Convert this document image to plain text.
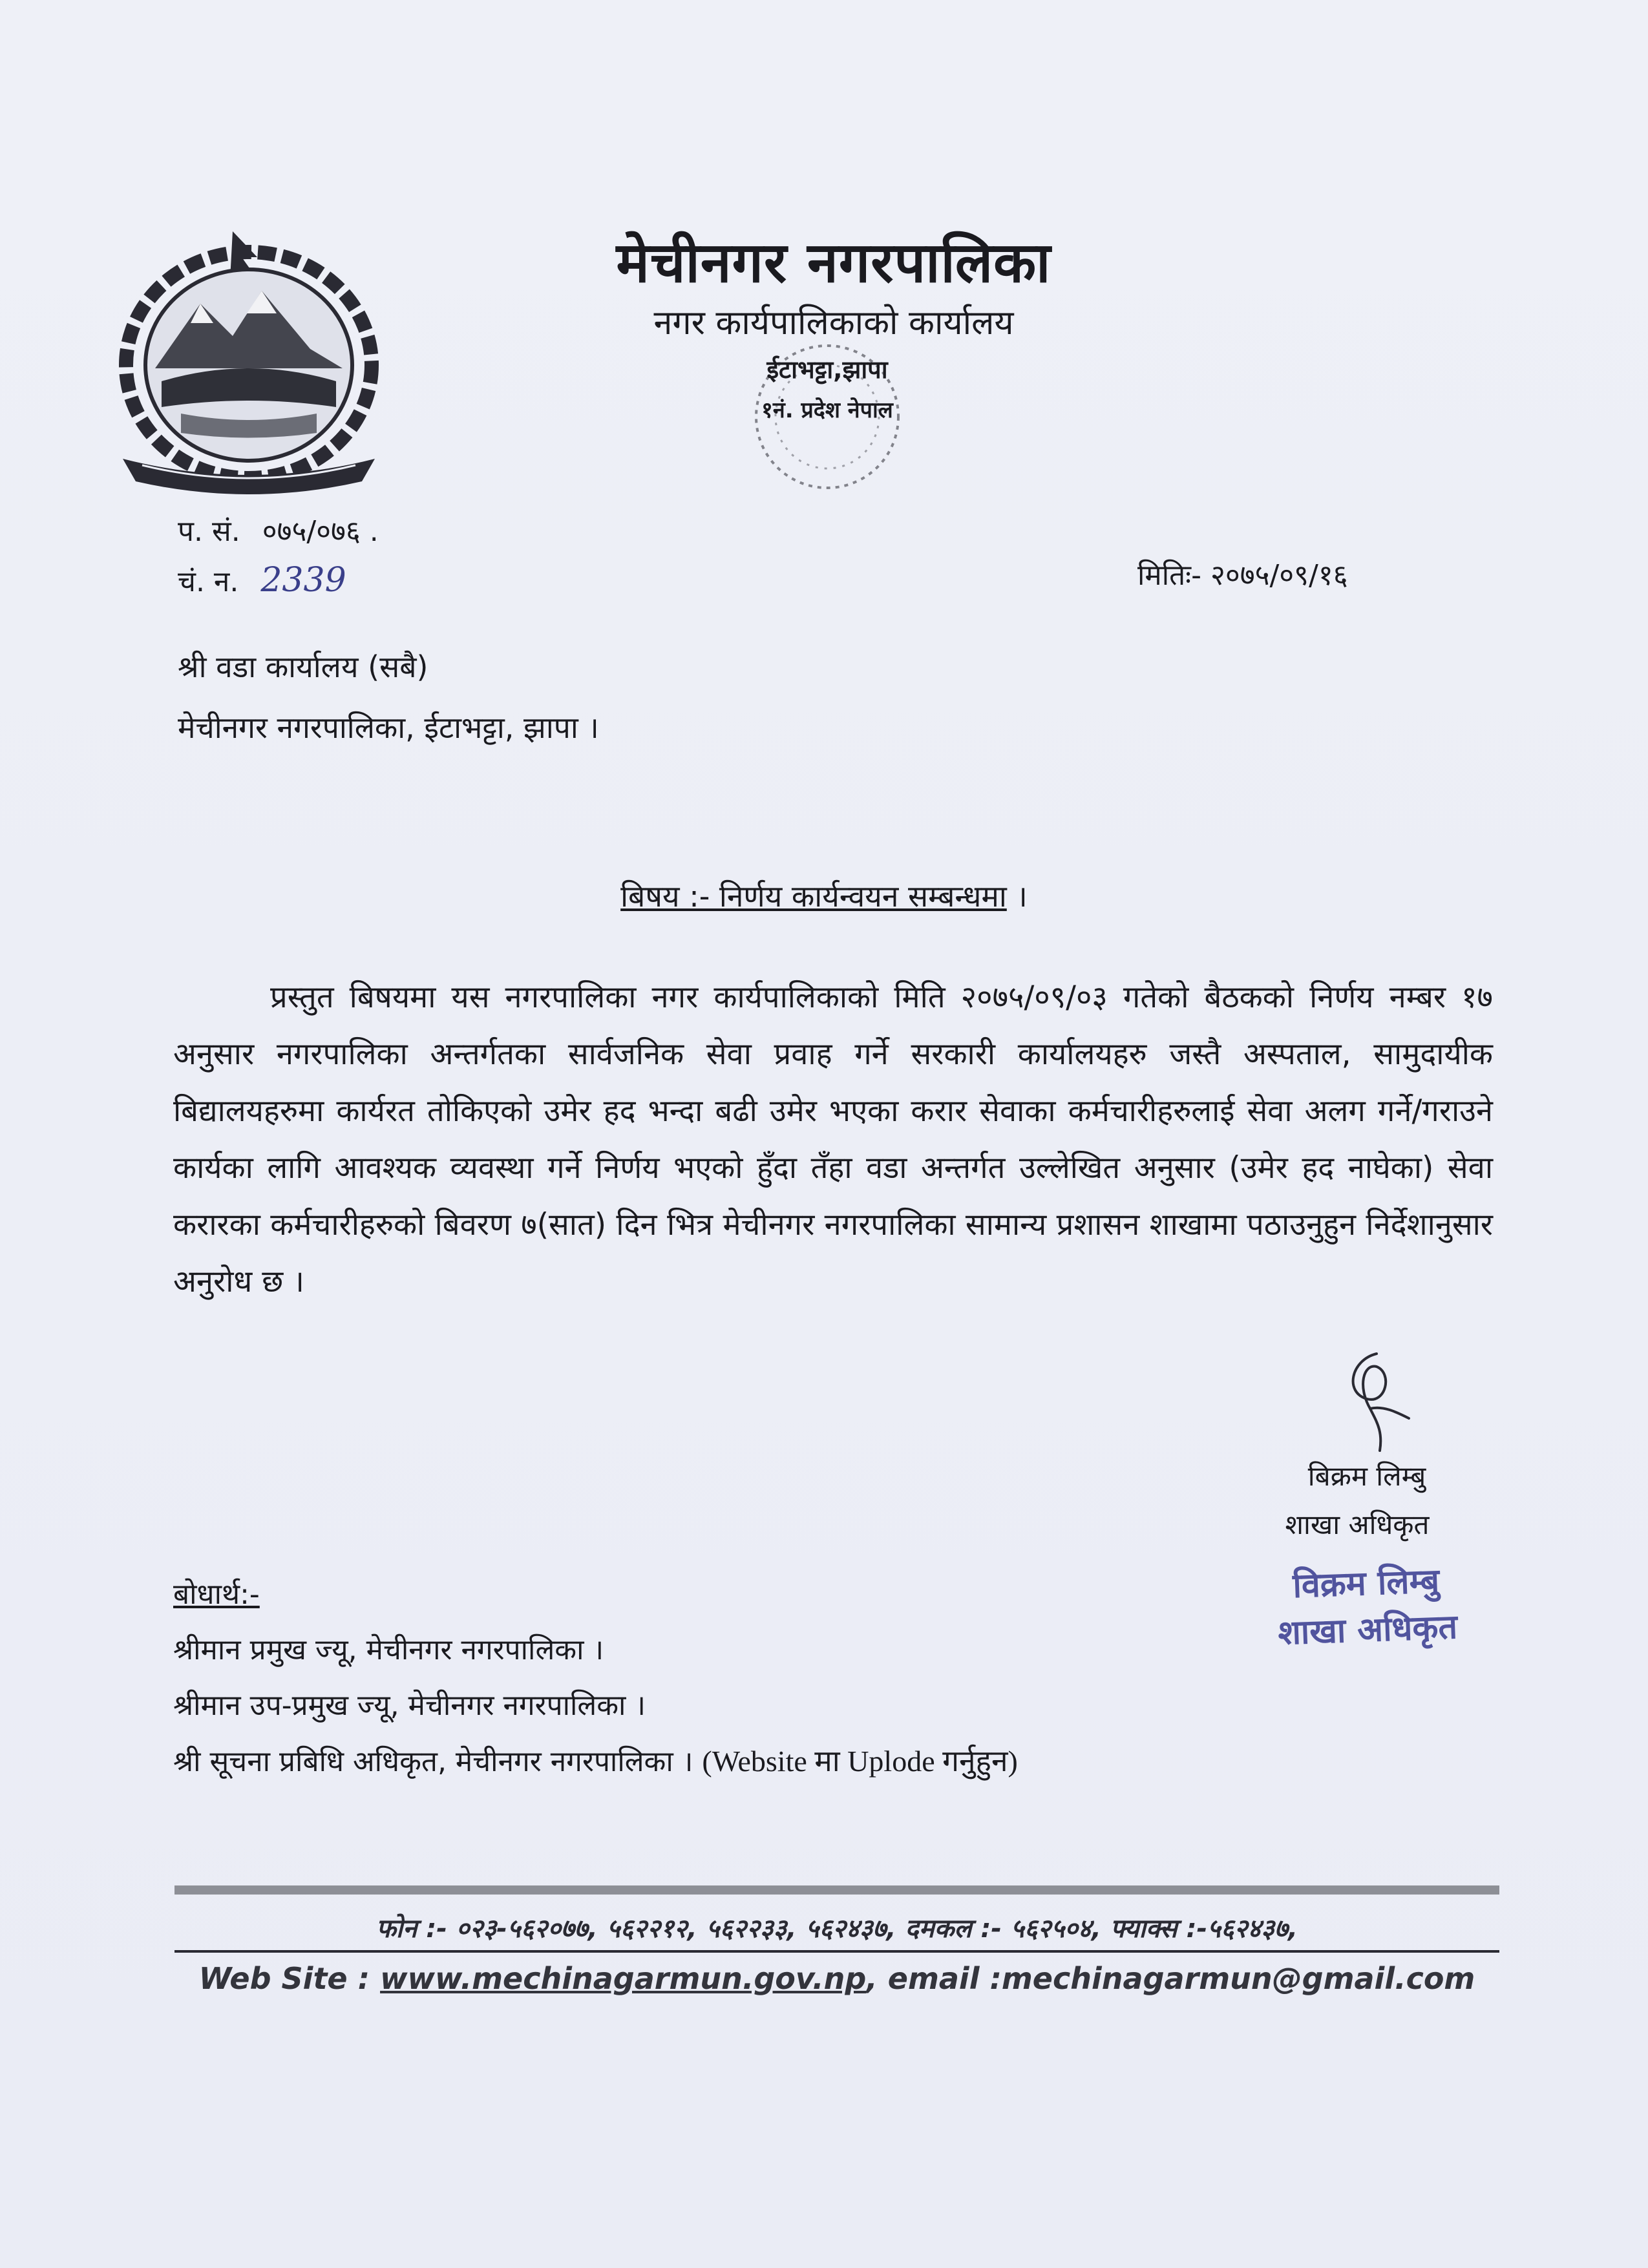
मेचीनगर नगरपालिका
नगर कार्यपालिकाको कार्यालय
ईटाभट्टा,झापा
१नं. प्रदेश नेपाल
प. सं. ०७५/०७६ .
चं. न. 2339	मितिः- २०७५/०९/१६
श्री वडा कार्यालय (सबै)
मेचीनगर नगरपालिका, ईटाभट्टा, झापा ।
बिषय :- निर्णय कार्यन्वयन सम्बन्धमा ।
प्रस्तुत बिषयमा यस नगरपालिका नगर कार्यपालिकाको मिति २०७५/०९/०३ गतेको बैठकको निर्णय नम्बर १७ अनुसार नगरपालिका अन्तर्गतका सार्वजनिक सेवा प्रवाह गर्ने सरकारी कार्यालयहरु जस्तै अस्पताल, सामुदायीक बिद्यालयहरुमा कार्यरत तोकिएको उमेर हद भन्दा बढी उमेर भएका करार सेवाका कर्मचारीहरुलाई सेवा अलग गर्ने/गराउने कार्यका लागि आवश्यक व्यवस्था गर्ने निर्णय भएको हुँदा तँहा वडा अन्तर्गत उल्लेखित अनुसार (उमेर हद नाघेका) सेवा करारका कर्मचारीहरुको बिवरण ७(सात) दिन भित्र मेचीनगर नगरपालिका सामान्य प्रशासन शाखामा पठाउनुहुन निर्देशानुसार अनुरोध छ ।
बिक्रम लिम्बु
शाखा अधिकृत
विक्रम लिम्बु
शाखा अधिकृत
बोधार्थ:-
श्रीमान प्रमुख ज्यू, मेचीनगर नगरपालिका ।
श्रीमान उप-प्रमुख ज्यू, मेचीनगर नगरपालिका ।
श्री सूचना प्रबिधि अधिकृत, मेचीनगर नगरपालिका । (Website मा Uplode गर्नुहुन)
फोन :- ०२३-५६२०७७, ५६२२१२, ५६२२३३, ५६२४३७, दमकल :- ५६२५०४, फ्याक्स :-५६२४३७,
Web Site : www.mechinagarmun.gov.np, email :mechinagarmun@gmail.com
